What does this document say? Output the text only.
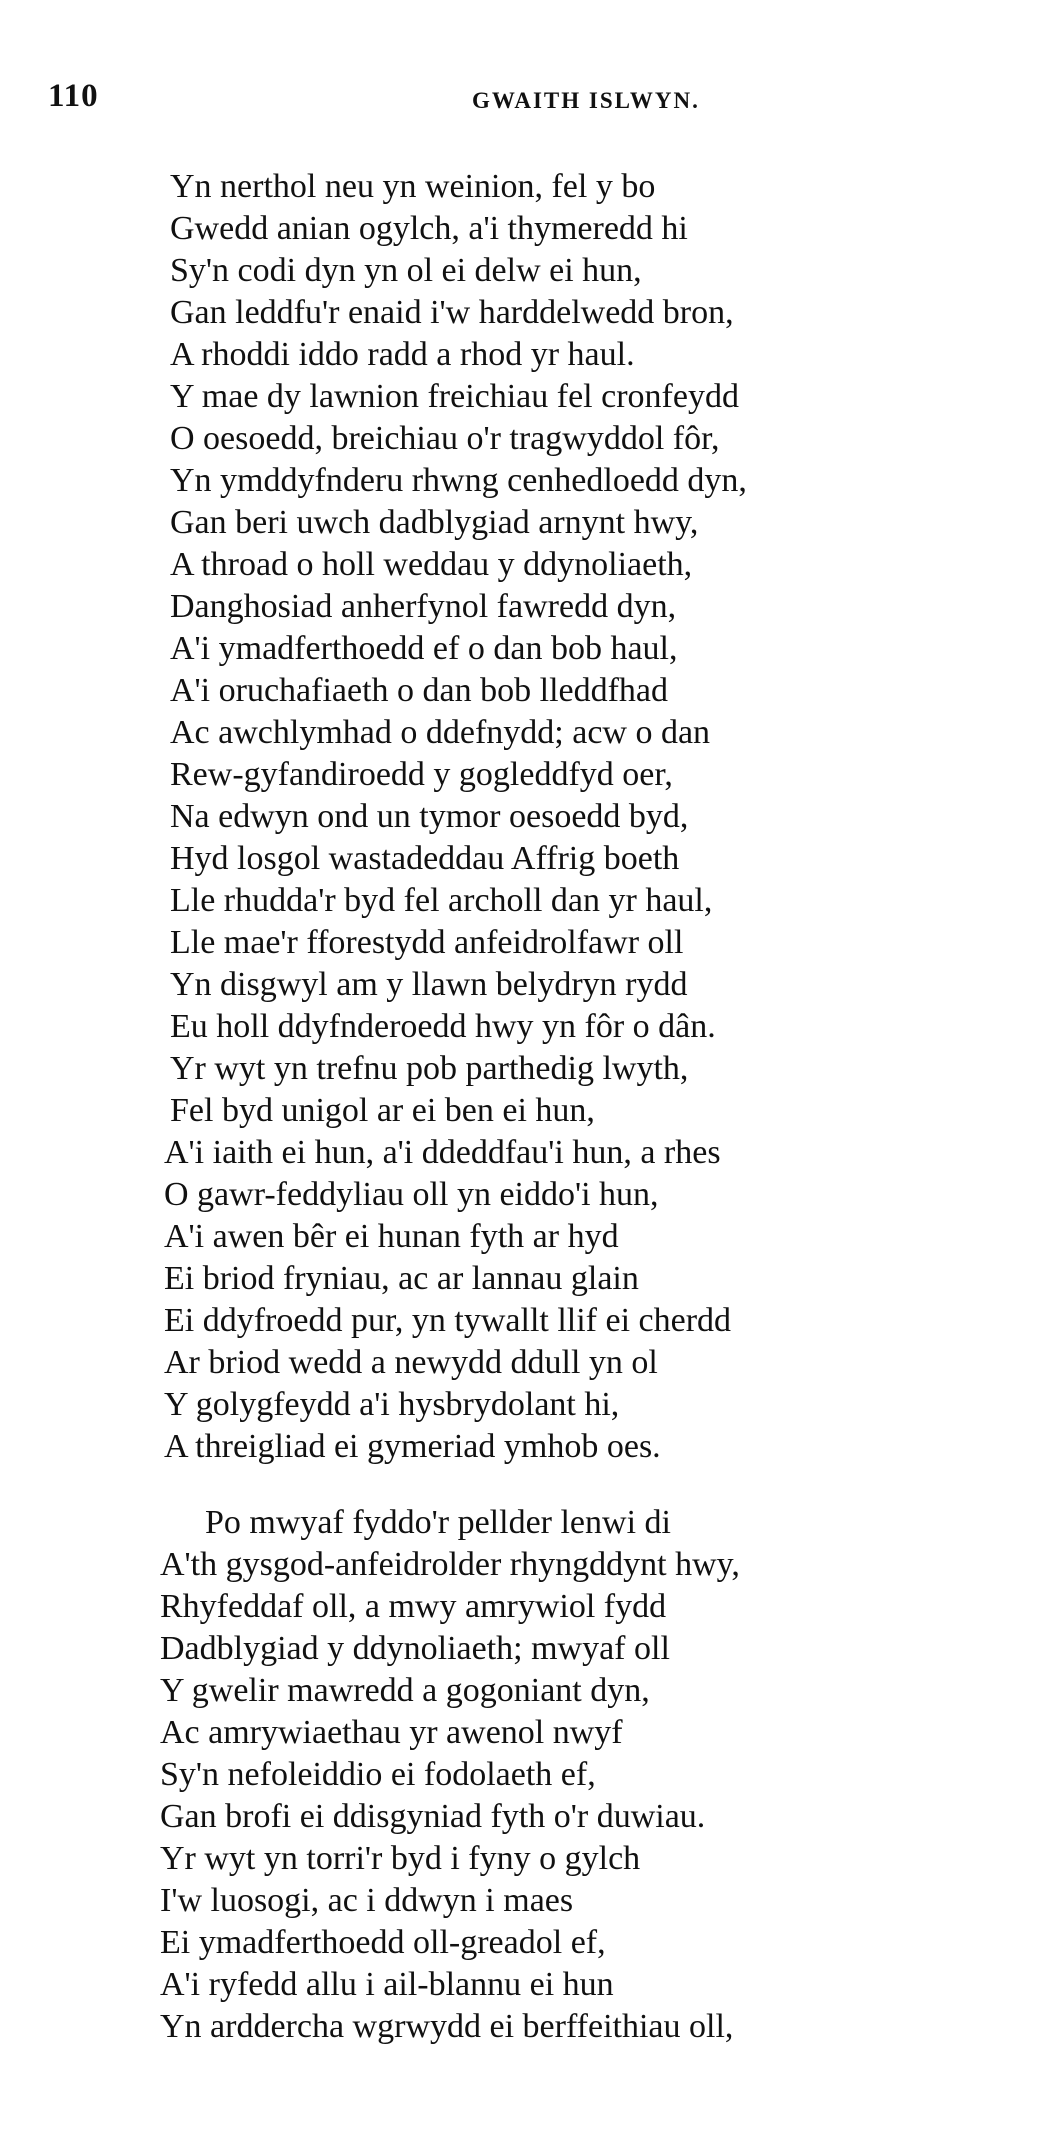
110	GWAITH ISLWYN.
Yn nerthol neu yn weinion, fel y bo
Gwedd anian ogylch, a'i thymeredd hi
Sy'n codi dyn yn ol ei delw ei hun,
Gan leddfu'r enaid i'w harddelwedd bron,
A rhoddi iddo radd a rhod yr haul.
Y mae dy lawnion freichiau fel cronfeydd
O oesoedd, breichiau o'r tragwyddol fôr,
Yn ymddyfnderu rhwng cenhedloedd dyn,
Gan beri uwch dadblygiad arnynt hwy,
A throad o holl weddau y ddynoliaeth,
Danghosiad anherfynol fawredd dyn,
A'i ymadferthoedd ef o dan bob haul,
A'i oruchafiaeth o dan bob lleddfhad
Ac awchlymhad o ddefnydd; acw o dan
Rew-gyfandiroedd y gogleddfyd oer,
Na edwyn ond un tymor oesoedd byd,
Hyd losgol wastadeddau Affrig boeth
Lle rhudda'r byd fel archoll dan yr haul,
Lle mae'r fforestydd anfeidrolfawr oll
Yn disgwyl am y llawn belydryn rydd
Eu holl ddyfnderoedd hwy yn fôr o dân.
Yr wyt yn trefnu pob parthedig lwyth,
Fel byd unigol ar ei ben ei hun,
A'i iaith ei hun, a'i ddeddfau'i hun, a rhes
O gawr-feddyliau oll yn eiddo'i hun,
A'i awen bêr ei hunan fyth ar hyd
Ei briod fryniau, ac ar lannau glain
Ei ddyfroedd pur, yn tywallt llif ei cherdd
Ar briod wedd a newydd ddull yn ol
Y golygfeydd a'i hysbrydolant hi,
A threigliad ei gymeriad ymhob oes.
Po mwyaf fyddo'r pellder lenwi di
A'th gysgod-anfeidrolder rhyngddynt hwy,
Rhyfeddaf oll, a mwy amrywiol fydd
Dadblygiad y ddynoliaeth; mwyaf oll
Y gwelir mawredd a gogoniant dyn,
Ac amrywiaethau yr awenol nwyf
Sy'n nefoleiddio ei fodolaeth ef,
Gan brofi ei ddisgyniad fyth o'r duwiau.
Yr wyt yn torri'r byd i fyny o gylch
I'w luosogi, ac i ddwyn i maes
Ei ymadferthoedd oll-greadol ef,
A'i ryfedd allu i ail-blannu ei hun
Yn arddercha wgrwydd ei berffeithiau oll,
